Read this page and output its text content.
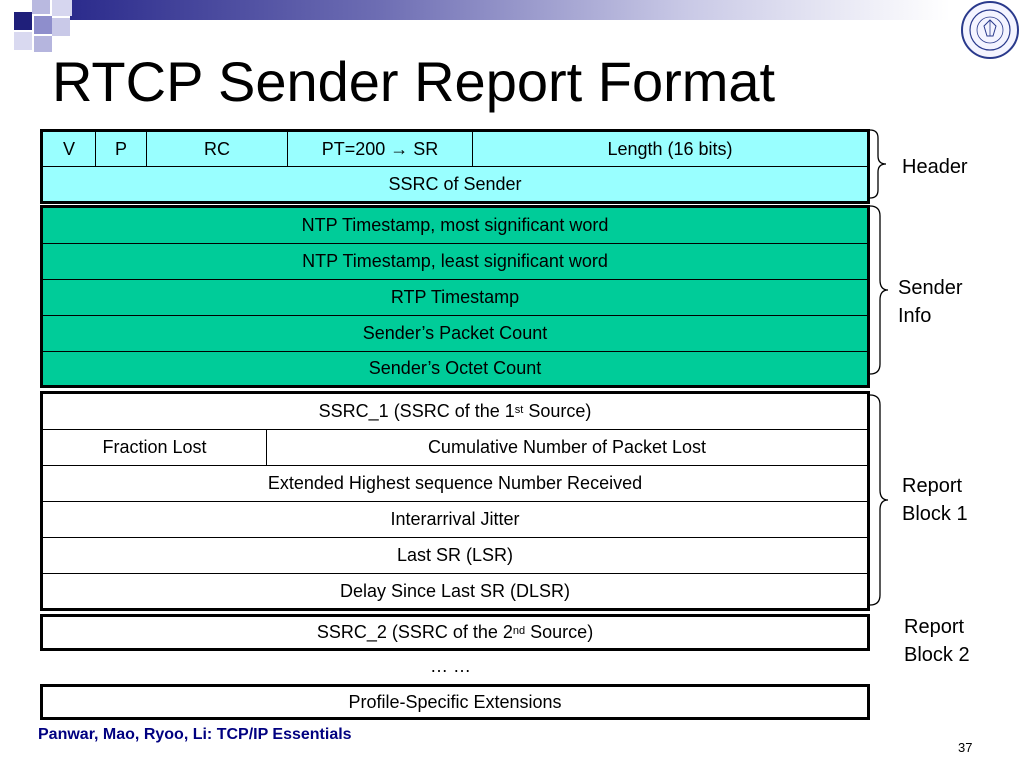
RTCP Sender Report Format
V	P	RC	PT=200 → SR	Length (16 bits)
SSRC of Sender
NTP Timestamp, most significant word
NTP Timestamp, least significant word
RTP Timestamp
Sender’s Packet Count
Sender’s Octet Count
SSRC_1 (SSRC of the 1st Source)
Fraction Lost	Cumulative Number of Packet Lost
Extended Highest sequence Number Received
Interarrival Jitter
Last SR (LSR)
Delay Since Last SR (DLSR)
SSRC_2 (SSRC of the 2nd Source)
… …
Profile-Specific Extensions
Header
Sender
Info
Report
Block 1
Report
Block 2
Panwar, Mao, Ryoo, Li: TCP/IP Essentials
37
